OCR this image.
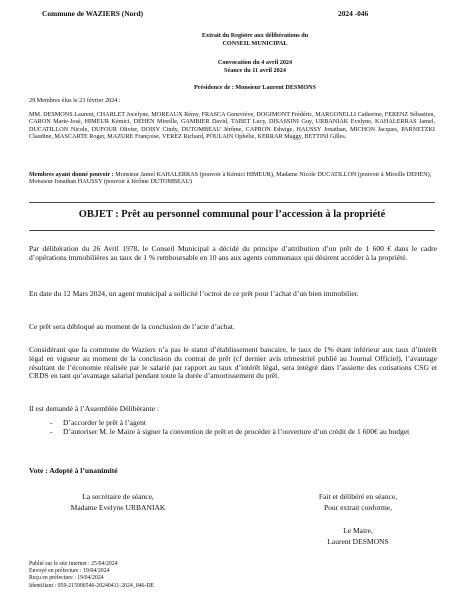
Commune de WAZIERS (Nord)	2024 -046
Extrait du Registre aux délibérations du
CONSEIL MUNICIPAL
Convocation du 4 avril 2024
Séance du 11 avril 2024
Présidence de : Monsieur Laurent DESMONS
29 Membres élus le 23 février 2024 :
MM. DESMONS Laurent, CHARLET Jocelyne, MOREAUX Rémy, FRASCA Geneviève, DOGIMONT Frédéric, MARGONELLI Catherine, FERENZ Sébastien, CARON Marie-José, HIMEUR Kémici, DEHEN Mireille, GAMBIER David, TABET Lucy, DISASSINI Guy, URBANIAK Evelyne, KAHALERRAS Jamel, DUCATILLON Nicole, DUFOUR Olivier, DOISY Cindy, DUTOMBEAU Jérôme, CAPRON Edwige, HAUSSY Jonathan, MICHON Jacques, PARNETZKI Claudine, MASCARTE Roger, MAZURE Françoise, VEREZ Richard, POULAIN Ophélie, KERRAR Maggy, BETTINI Gilles.
Membres ayant donné pouvoir : Monsieur Jamel KAHALERRAS (pouvoir à Kémici HIMEUR), Madame Nicole DUCATILLON (pouvoir à Mireille DEHEN), Monsieur Jonathan HAUSSY (pouvoir à Jérôme DUTOMBEAU)
OBJET : Prêt au personnel communal pour l’accession à la propriété
Par délibération du 26 Avril 1978, le Conseil Municipal a décidé du principe d’attribution d’un prêt de 1 600 € dans le cadre d’opérations immobilières au taux de 1 % remboursable en 10 ans aux agents communaux qui désirent accéder à la propriété.
En date du 12 Mars 2024, un agent municipal a sollicité l’octroi de ce prêt pour l’achat d’un bien immobilier.
Ce prêt sera débloqué au moment de la conclusion de l’acte d’achat.
Considérant que la commune de Waziers n’a pas le statut d’établissement bancaire, le taux de 1% étant inférieur aux taux d’intérêt légal en vigueur au moment de la conclusion du contrat de prêt (cf dernier avis trimestriel publié au Journal Officiel), l’avantage résultant de l’économie réalisée par le salarié par rapport au taux d’intérêt légal, sera intégré dans l’assiette des cotisations CSG et CRDS en tant qu’avantage salarial pendant toute la durée d’amortissement du prêt.
Il est demandé à l’Assemblée Délibérante :
-	D’accorder le prêt à l’agent
-	D’autoriser M. le Maire à signer la convention de prêt et de procéder à l’ouverture d’un crédit de 1 600€ au budget
Vote : Adopté à l’unanimité
La secrétaire de séance,
Madame Evelyne URBANIAK
Fait et délibéré en séance,
Pour extrait conforme,
Le Maire,
Laurent DESMONS
Publié sur le site internet : 25/04/2024
Envoyé en préfecture : 19/04/2024
Reçu en préfecture : 19/04/2024
Identifiant : 059-215906546-20240411-2024_046-DE
